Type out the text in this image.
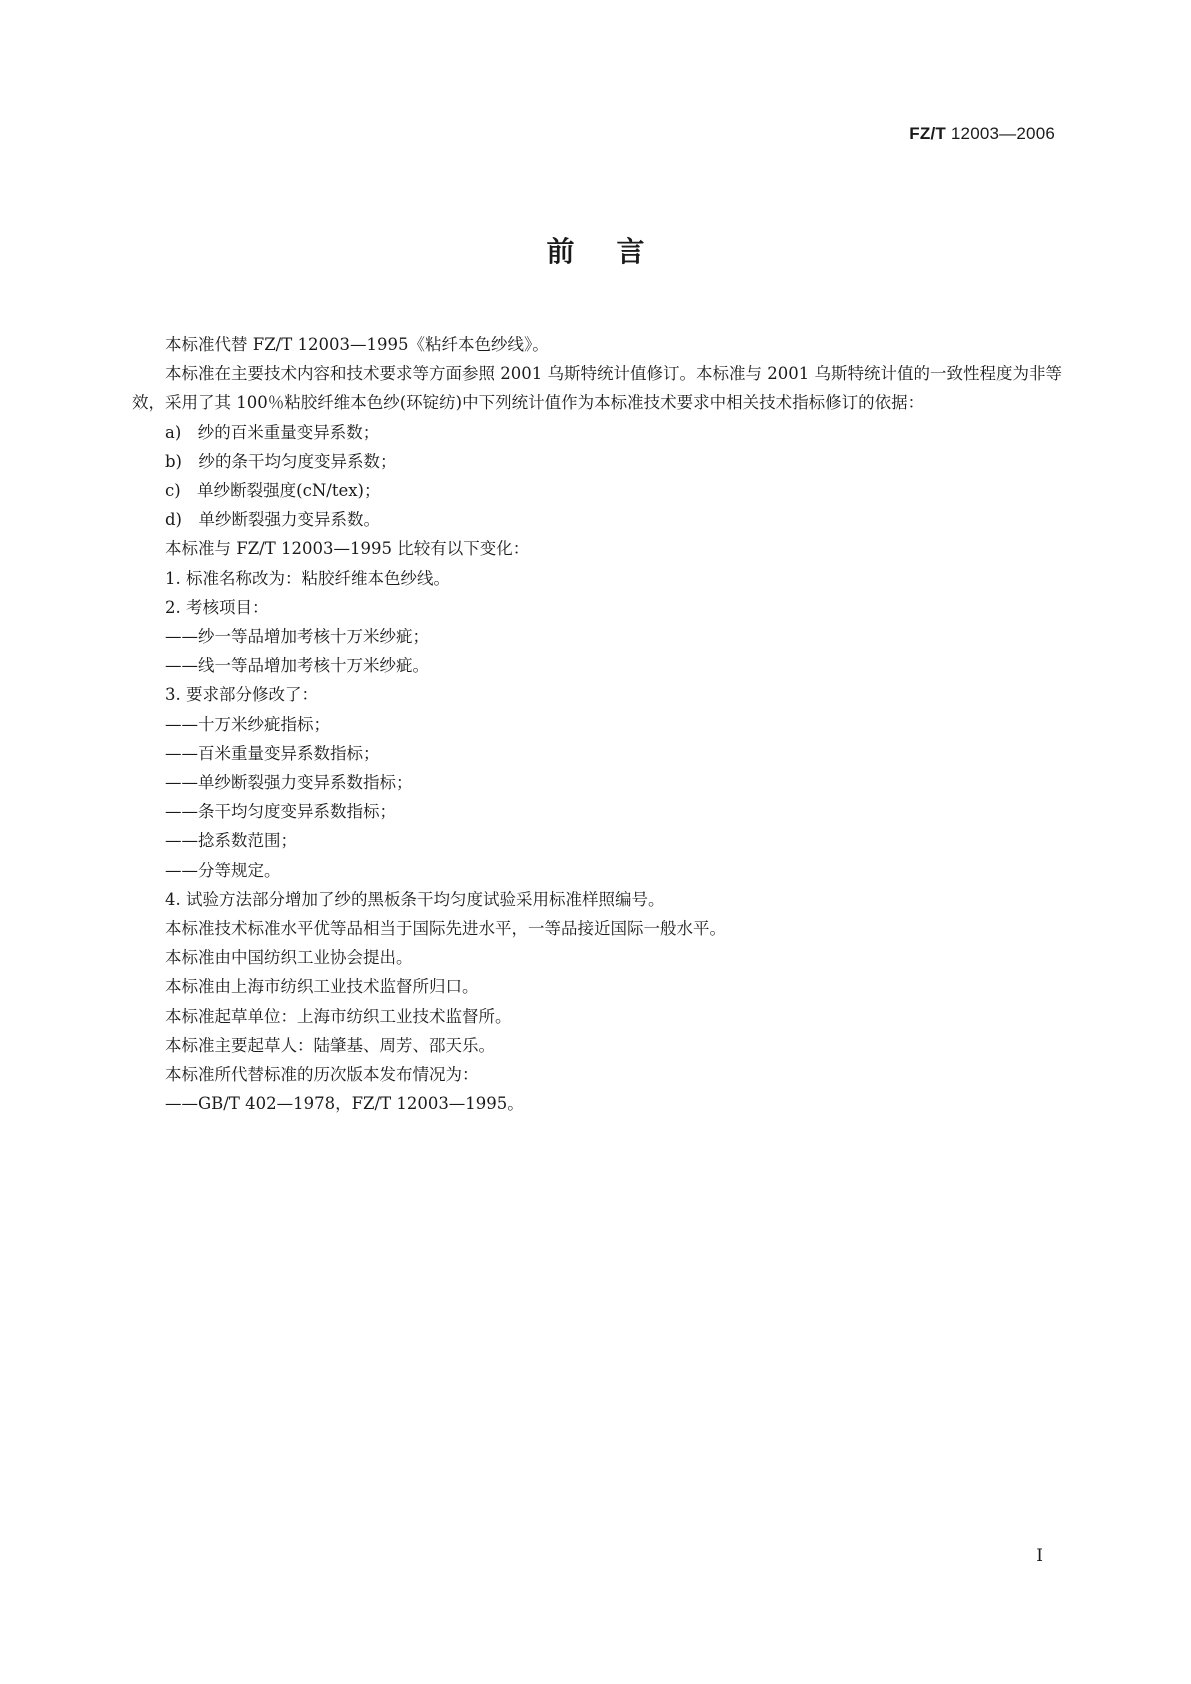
FZ/T 12003—2006
前言

本标准代替 FZ/T 12003—1995《粘纤本色纱线》。

本标准在主要技术内容和技术要求等方面参照 2001 乌斯特统计值修订。本标准与 2001 乌斯特统计值的一致性程度为非等效，采用了其 100％粘胶纤维本色纱(环锭纺)中下列统计值作为本标准技术要求中相关技术指标修订的依据：

a)　纱的百米重量变异系数；

b)　纱的条干均匀度变异系数；

c)　单纱断裂强度(cN/tex)；

d)　单纱断裂强力变异系数。

本标准与 FZ/T 12003—1995 比较有以下变化：

1. 标准名称改为：粘胶纤维本色纱线。

2. 考核项目：

——纱一等品增加考核十万米纱疵；

——线一等品增加考核十万米纱疵。

3. 要求部分修改了：

——十万米纱疵指标；

——百米重量变异系数指标；

——单纱断裂强力变异系数指标；

——条干均匀度变异系数指标；

——捻系数范围；

——分等规定。

4. 试验方法部分增加了纱的黑板条干均匀度试验采用标准样照编号。

本标准技术标准水平优等品相当于国际先进水平，一等品接近国际一般水平。

本标准由中国纺织工业协会提出。

本标准由上海市纺织工业技术监督所归口。

本标准起草单位：上海市纺织工业技术监督所。

本标准主要起草人：陆肇基、周芳、邵天乐。

本标准所代替标准的历次版本发布情况为：

——GB/T 402—1978，FZ/T 12003—1995。

I
